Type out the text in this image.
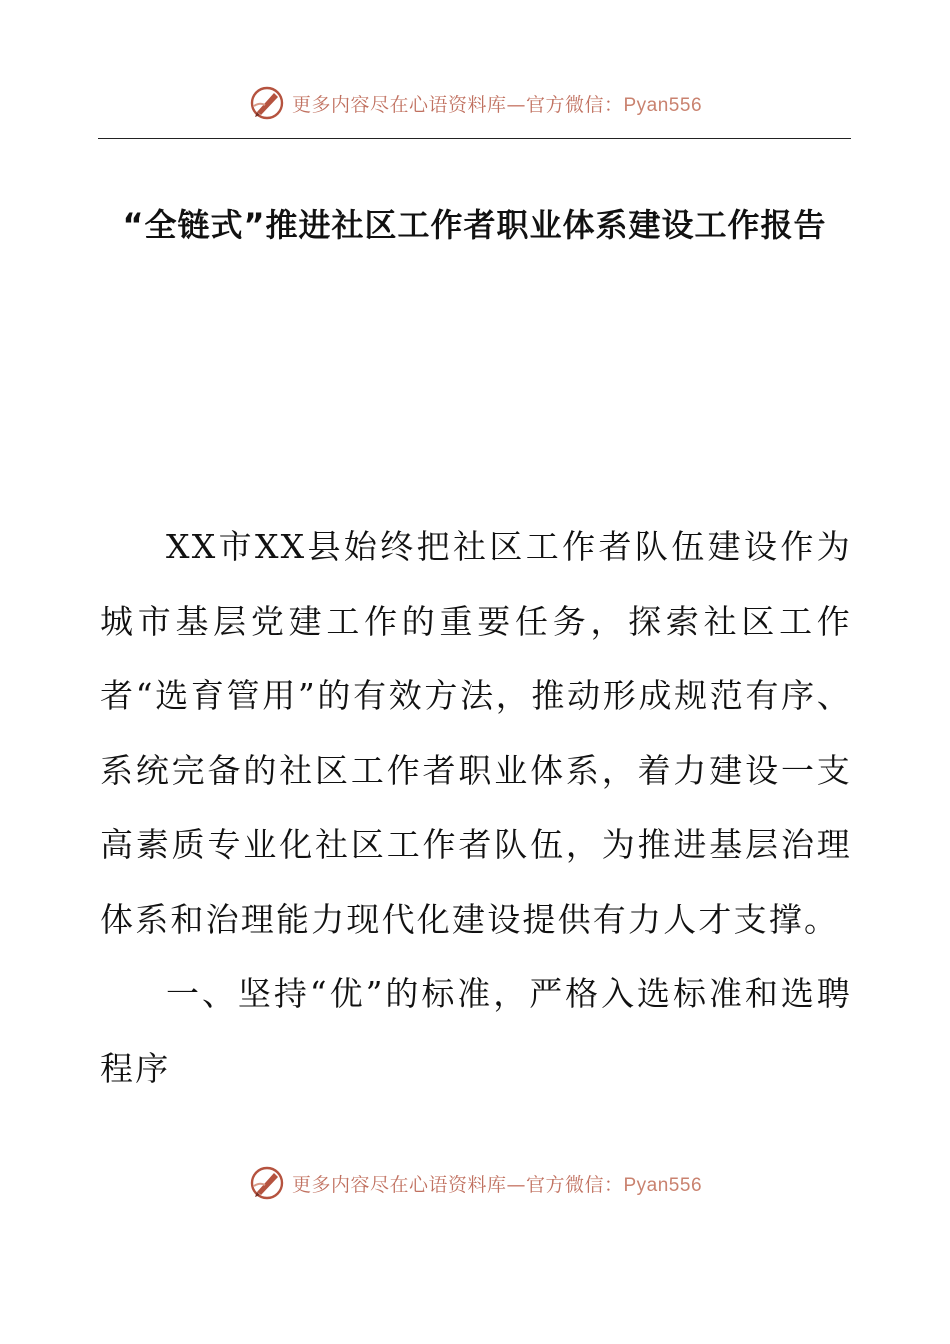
更多内容尽在心语资料库—官方微信：Pyan556
“全链式”推进社区工作者职业体系建设工作报告

XX市XX县始终把社区工作者队伍建设作为城市基层党建工作的重要任务，探索社区工作者“选育管用”的有效方法，推动形成规范有序、系统完备的社区工作者职业体系，着力建设一支高素质专业化社区工作者队伍，为推进基层治理体系和治理能力现代化建设提供有力人才支撑。

一、坚持“优”的标准，严格入选标准和选聘程序

更多内容尽在心语资料库—官方微信：Pyan556
